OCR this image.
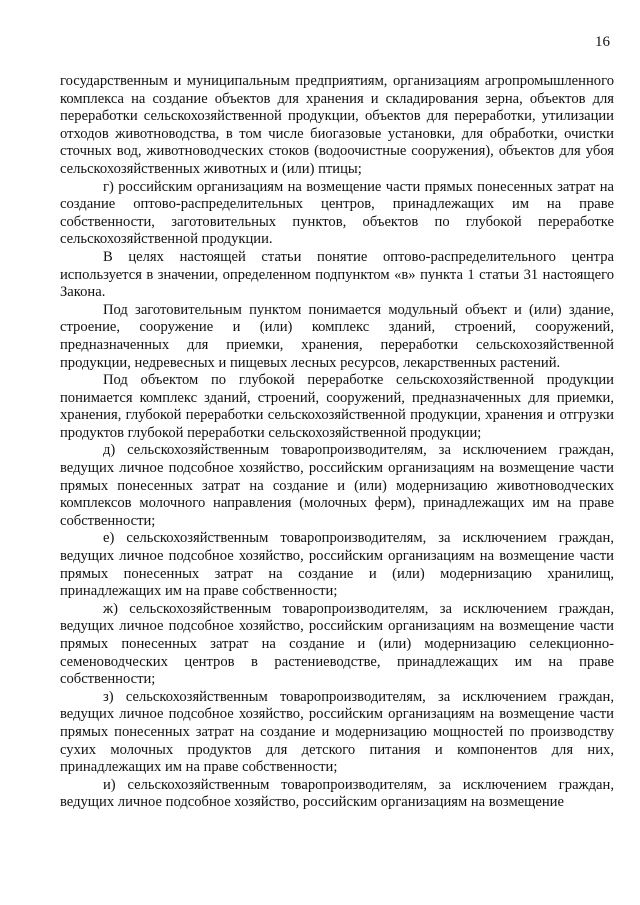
16

государственным и муниципальным предприятиям, организациям агропромышленного комплекса на создание объектов для хранения и складирования зерна, объектов для переработки сельскохозяйственной продукции, объектов для переработки, утилизации отходов животноводства, в том числе биогазовые установки, для обработки, очистки сточных вод, животноводческих стоков (водоочистные сооружения), объектов для убоя сельскохозяйственных животных и (или) птицы;

г) российским организациям на возмещение части прямых понесенных затрат на создание оптово-распределительных центров, принадлежащих им на праве собственности, заготовительных пунктов, объектов по глубокой переработке сельскохозяйственной продукции.

В целях настоящей статьи понятие оптово-распределительного центра используется в значении, определенном подпунктом «в» пункта 1 статьи 31 настоящего Закона.

Под заготовительным пунктом понимается модульный объект и (или) здание, строение, сооружение и (или) комплекс зданий, строений, сооружений, предназначенных для приемки, хранения, переработки сельскохозяйственной продукции, недревесных и пищевых лесных ресурсов, лекарственных растений.

Под объектом по глубокой переработке сельскохозяйственной продукции понимается комплекс зданий, строений, сооружений, предназначенных для приемки, хранения, глубокой переработки сельскохозяйственной продукции, хранения и отгрузки продуктов глубокой переработки сельскохозяйственной продукции;

д) сельскохозяйственным товаропроизводителям, за исключением граждан, ведущих личное подсобное хозяйство, российским организациям на возмещение части прямых понесенных затрат на создание и (или) модернизацию животноводческих комплексов молочного направления (молочных ферм), принадлежащих им на праве собственности;

е) сельскохозяйственным товаропроизводителям, за исключением граждан, ведущих личное подсобное хозяйство, российским организациям на возмещение части прямых понесенных затрат на создание и (или) модернизацию хранилищ, принадлежащих им на праве собственности;

ж) сельскохозяйственным товаропроизводителям, за исключением граждан, ведущих личное подсобное хозяйство, российским организациям на возмещение части прямых понесенных затрат на создание и (или) модернизацию селекционно-семеноводческих центров в растениеводстве, принадлежащих им на праве собственности;

з) сельскохозяйственным товаропроизводителям, за исключением граждан, ведущих личное подсобное хозяйство, российским организациям на возмещение части прямых понесенных затрат на создание и модернизацию мощностей по производству сухих молочных продуктов для детского питания и компонентов для них, принадлежащих им на праве собственности;

и) сельскохозяйственным товаропроизводителям, за исключением граждан, ведущих личное подсобное хозяйство, российским организациям на возмещение
